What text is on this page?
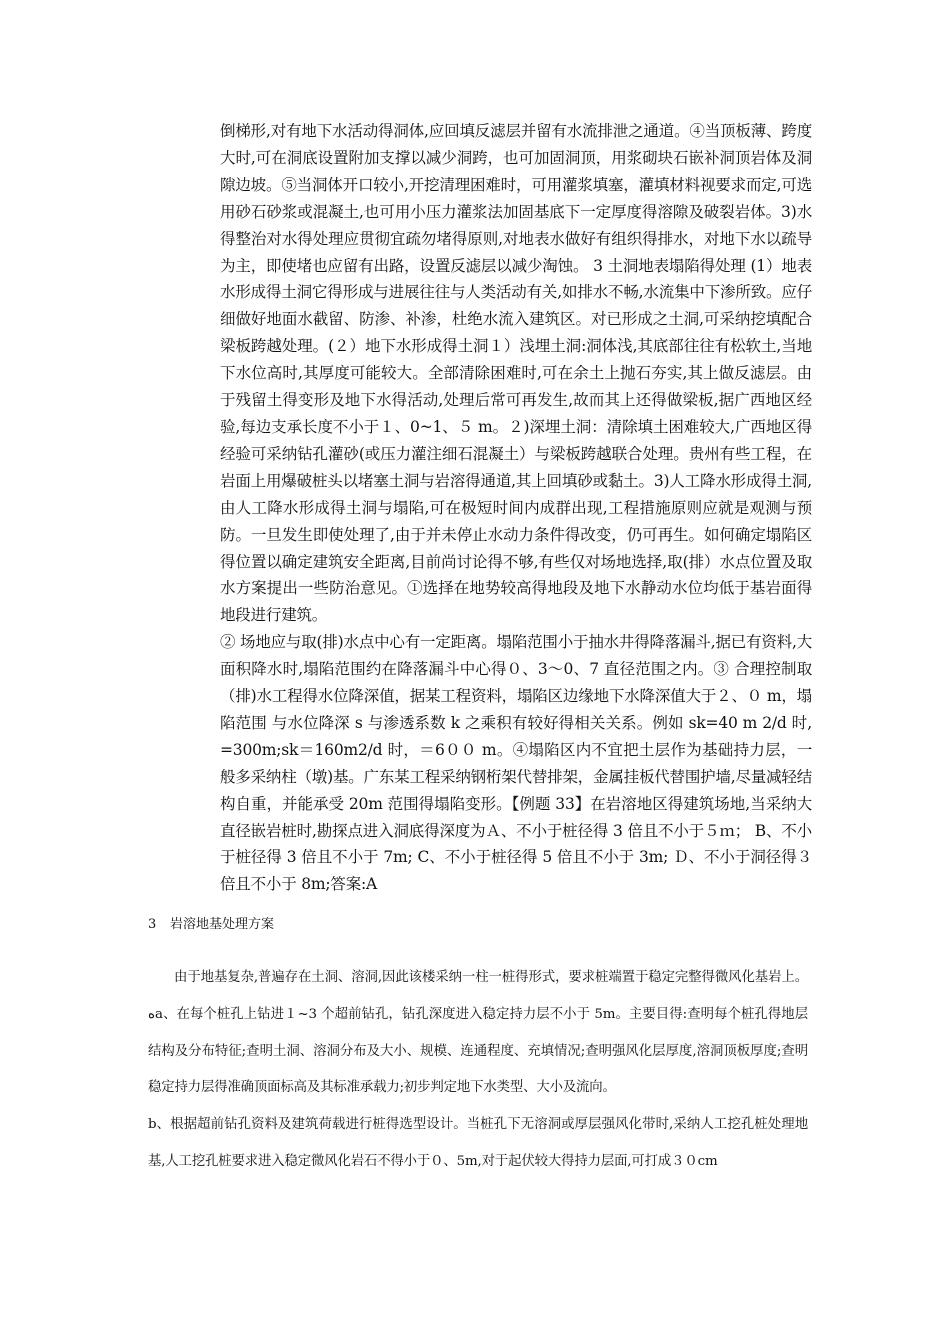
倒梯形,对有地下水活动得洞体,应回填反滤层并留有水流排泄之通道。④当顶板薄、跨度大时,可在洞底设置附加支撑以减少洞跨，也可加固洞顶，用浆砌块石嵌补洞顶岩体及洞隙边坡。⑤当洞体开口较小,开挖清理困难时，可用灌浆填塞，灌填材料视要求而定,可选用砂石砂浆或混凝土,也可用小压力灌浆法加固基底下一定厚度得溶隙及破裂岩体。3)水得整治对水得处理应贯彻宜疏勿堵得原则,对地表水做好有组织得排水，对地下水以疏导为主，即使堵也应留有出路，设置反滤层以减少淘蚀。 3 土洞地表塌陷得处理 (1）地表水形成得土洞它得形成与进展往往与人类活动有关,如排水不畅,水流集中下渗所致。应仔细做好地面水截留、防渗、补渗，杜绝水流入建筑区。对已形成之土洞,可采纳挖填配合梁板跨越处理。(２）地下水形成得土洞１）浅埋土洞:洞体浅,其底部往往有松软土,当地下水位高时,其厚度可能较大。全部清除困难时,可在余土上抛石夯实,其上做反滤层。由于残留土得变形及地下水得活动,处理后常可再发生,故而其上还得做梁板,据广西地区经验,每边支承长度不小于１、0~1、５ m。２)深埋土洞：清除填土困难较大,广西地区得经验可采纳钻孔灌砂(或压力灌注细石混凝土）与梁板跨越联合处理。贵州有些工程，在岩面上用爆破桩头以堵塞土洞与岩溶得通道,其上回填砂或黏土。3)人工降水形成得土洞,由人工降水形成得土洞与塌陷,可在极短时间内成群出现,工程措施原则应就是观测与预防。一旦发生即使处理了,由于并未停止水动力条件得改变，仍可再生。如何确定塌陷区得位置以确定建筑安全距离,目前尚讨论得不够,有些仅对场地选择,取(排）水点位置及取水方案提出一些防治意见。①选择在地势较高得地段及地下水静动水位均低于基岩面得地段进行建筑。

② 场地应与取(排)水点中心有一定距离。塌陷范围小于抽水井得降落漏斗,据已有资料,大面积降水时,塌陷范围约在降落漏斗中心得０、3～0、7 直径范围之内。③ 合理控制取（排)水工程得水位降深值，据某工程资料，塌陷区边缘地下水降深值大于２、０ m，塌陷范围 与水位降深 s 与渗透系数 k 之乘积有较好得相关关系。例如 sk=40 m 2/d 时, =300m;sk＝160m2/d 时，＝6００ m。④塌陷区内不宜把土层作为基础持力层，一般多采纳柱（墩)基。广东某工程采纳钢桁架代替排架，金属挂板代替围护墙,尽量减轻结构自重，并能承受 20m 范围得塌陷变形。【例题 33】在岩溶地区得建筑场地,当采纳大直径嵌岩桩时,勘探点进入洞底得深度为Ａ、不小于桩径得 3 倍且不小于５ｍ； B、不小于桩径得 3 倍且不小于 7m; C、不小于桩径得 5 倍且不小于 3m; Ｄ、不小于洞径得３倍且不小于 8m;答案:A

3 岩溶地基处理方案

由于地基复杂,普遍存在土洞、溶洞,因此该楼采纳一柱一桩得形式，要求桩端置于稳定完整得微风化基岩上。ﻩa、在每个桩孔上钻进１~3 个超前钻孔，钻孔深度进入稳定持力层不小于 5m。主要目得:查明每个桩孔得地层结构及分布特征;查明土洞、溶洞分布及大小、规模、连通程度、充填情况;查明强风化层厚度,溶洞顶板厚度;查明稳定持力层得准确顶面标高及其标准承载力;初步判定地下水类型、大小及流向。

b、根据超前钻孔资料及建筑荷载进行桩得选型设计。当桩孔下无溶洞或厚层强风化带时,采纳人工挖孔桩处理地基,人工挖孔桩要求进入稳定微风化岩石不得小于０、5m,对于起伏较大得持力层面,可打成３０cm
